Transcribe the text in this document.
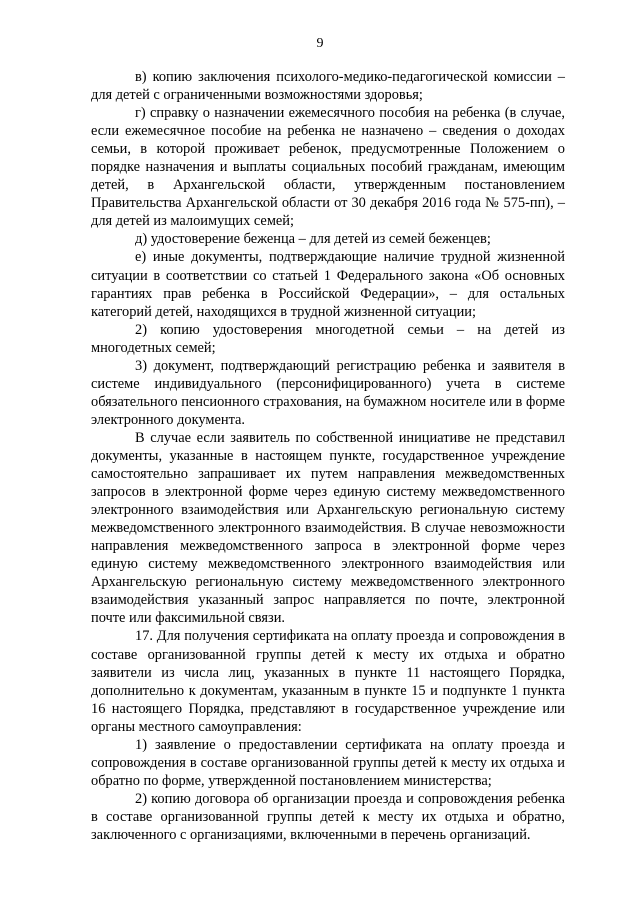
9

в) копию заключения психолого-медико-педагогической комиссии – для детей с ограниченными возможностями здоровья;

г) справку о назначении ежемесячного пособия на ребенка (в случае, если ежемесячное пособие на ребенка не назначено – сведения о доходах семьи, в которой проживает ребенок, предусмотренные Положением о порядке назначения и выплаты социальных пособий гражданам, имеющим детей, в Архангельской области, утвержденным постановлением Правительства Архангельской области от 30 декабря 2016 года № 575-пп), – для детей из малоимущих семей;

д) удостоверение беженца – для детей из семей беженцев;

е) иные документы, подтверждающие наличие трудной жизненной ситуации в соответствии со статьей 1 Федерального закона «Об основных гарантиях прав ребенка в Российской Федерации», – для остальных категорий детей, находящихся в трудной жизненной ситуации;

2) копию удостоверения многодетной семьи – на детей из многодетных семей;

3) документ, подтверждающий регистрацию ребенка и заявителя в системе индивидуального (персонифицированного) учета в системе обязательного пенсионного страхования, на бумажном носителе или в форме электронного документа.

В случае если заявитель по собственной инициативе не представил документы, указанные в настоящем пункте, государственное учреждение самостоятельно запрашивает их путем направления межведомственных запросов в электронной форме через единую систему межведомственного электронного взаимодействия или Архангельскую региональную систему межведомственного электронного взаимодействия. В случае невозможности направления межведомственного запроса в электронной форме через единую систему межведомственного электронного взаимодействия или Архангельскую региональную систему межведомственного электронного взаимодействия указанный запрос направляется по почте, электронной почте или факсимильной связи.

17. Для получения сертификата на оплату проезда и сопровождения в составе организованной группы детей к месту их отдыха и обратно заявители из числа лиц, указанных в пункте 11 настоящего Порядка, дополнительно к документам, указанным в пункте 15 и подпункте 1 пункта 16 настоящего Порядка, представляют в государственное учреждение или органы местного самоуправления:

1) заявление о предоставлении сертификата на оплату проезда и сопровождения в составе организованной группы детей к месту их отдыха и обратно по форме, утвержденной постановлением министерства;

2) копию договора об организации проезда и сопровождения ребенка в составе организованной группы детей к месту их отдыха и обратно, заключенного с организациями, включенными в перечень организаций.
